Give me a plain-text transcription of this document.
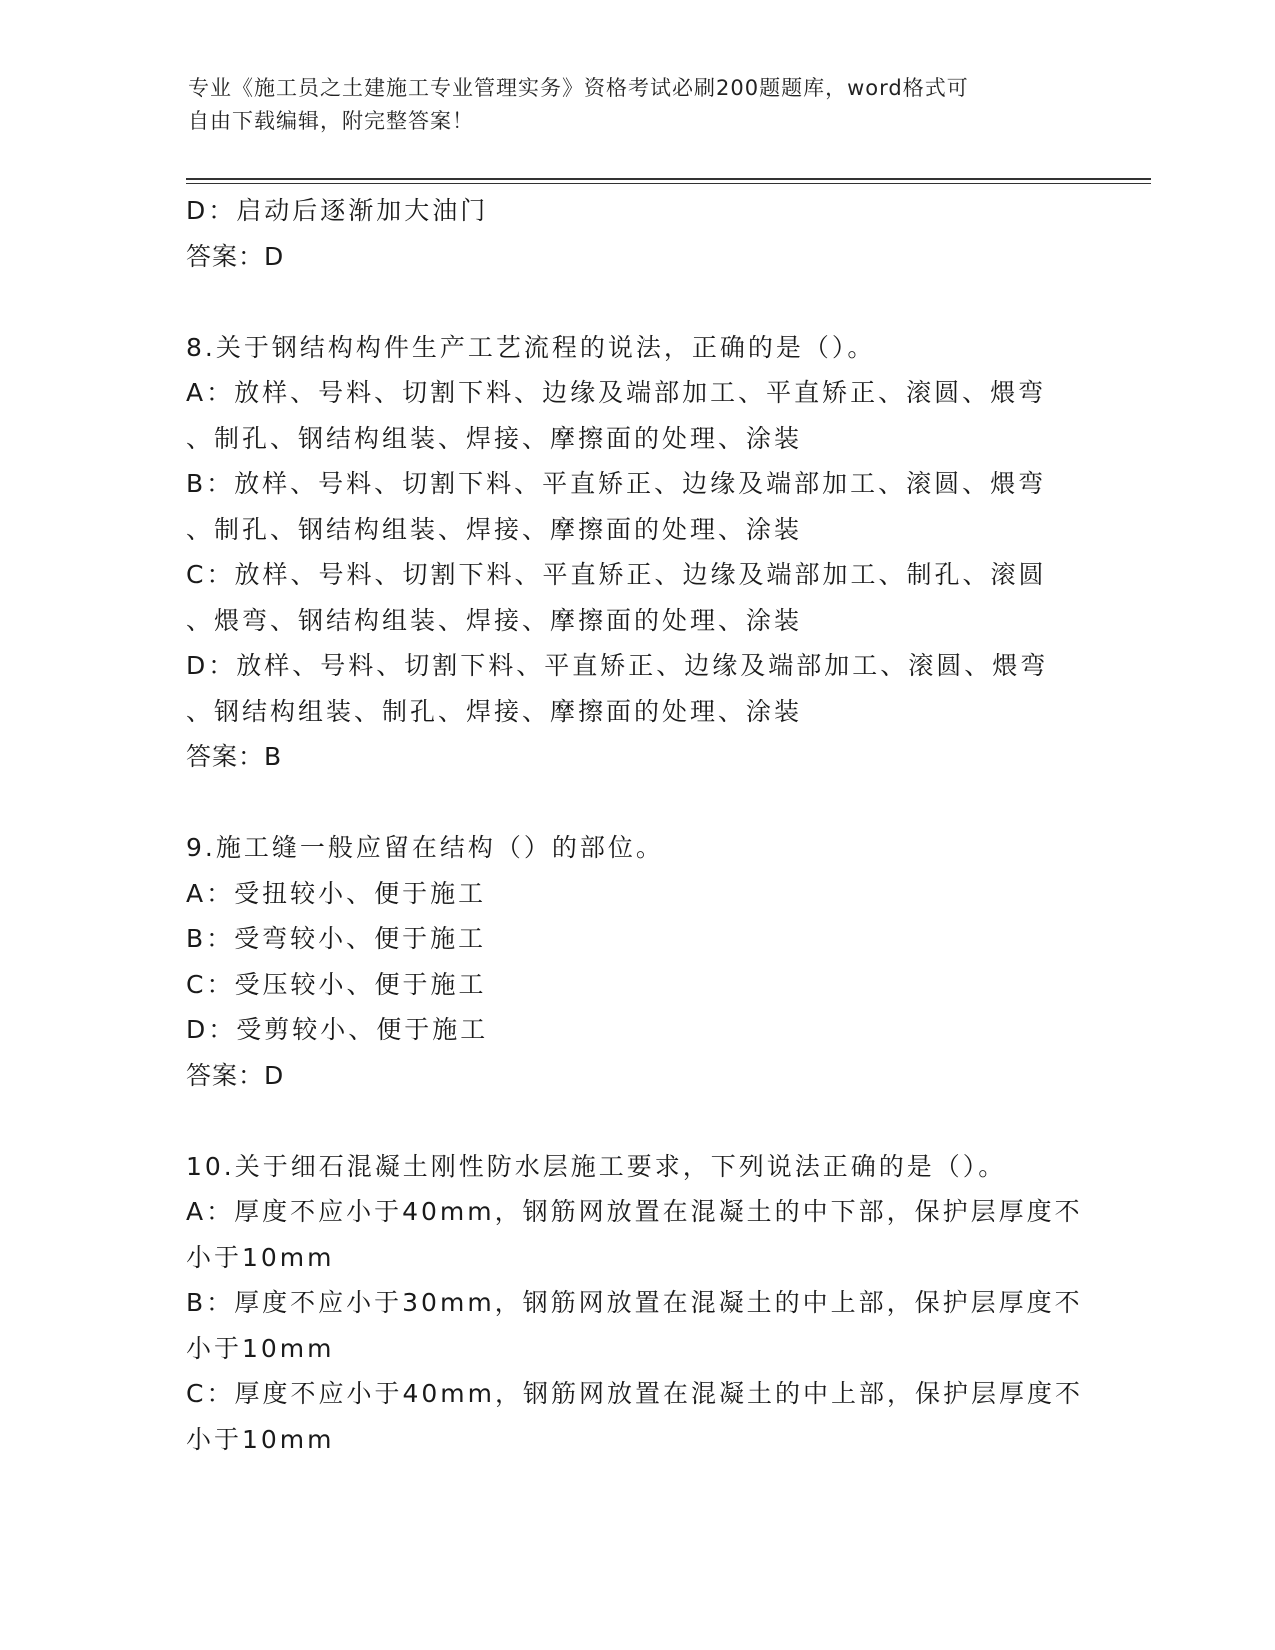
专业《施工员之土建施工专业管理实务》资格考试必刷200题题库，word格式可
自由下载编辑，附完整答案！
D：启动后逐渐加大油门
答案：D
8.关于钢结构构件生产工艺流程的说法，正确的是（）。
A：放样、号料、切割下料、边缘及端部加工、平直矫正、滚圆、煨弯
、制孔、钢结构组装、焊接、摩擦面的处理、涂装
B：放样、号料、切割下料、平直矫正、边缘及端部加工、滚圆、煨弯
、制孔、钢结构组装、焊接、摩擦面的处理、涂装
C：放样、号料、切割下料、平直矫正、边缘及端部加工、制孔、滚圆
、煨弯、钢结构组装、焊接、摩擦面的处理、涂装
D：放样、号料、切割下料、平直矫正、边缘及端部加工、滚圆、煨弯
、钢结构组装、制孔、焊接、摩擦面的处理、涂装
答案：B
9.施工缝一般应留在结构（）的部位。
A：受扭较小、便于施工
B：受弯较小、便于施工
C：受压较小、便于施工
D：受剪较小、便于施工
答案：D
10.关于细石混凝土刚性防水层施工要求，下列说法正确的是（）。
A：厚度不应小于40mm，钢筋网放置在混凝土的中下部，保护层厚度不
小于10mm
B：厚度不应小于30mm，钢筋网放置在混凝土的中上部，保护层厚度不
小于10mm
C：厚度不应小于40mm，钢筋网放置在混凝土的中上部，保护层厚度不
小于10mm
